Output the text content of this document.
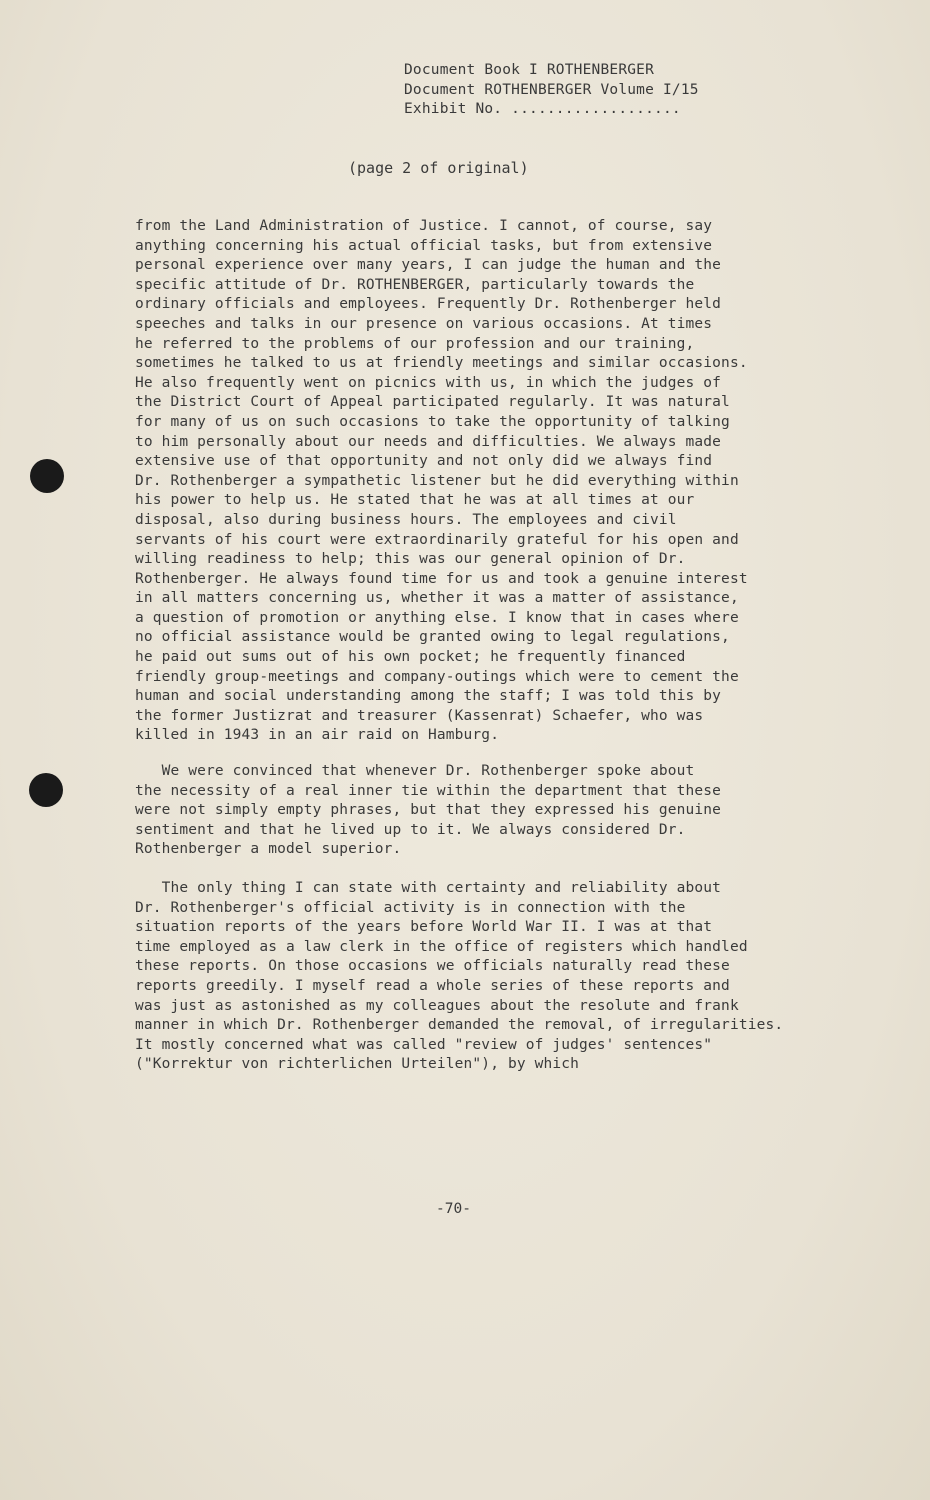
Document Book I ROTHENBERGER
Document ROTHENBERGER Volume I/15
Exhibit No. ...................
(page 2 of original)
from the Land Administration of Justice. I cannot, of course, say
anything concerning his actual official tasks, but from extensive
personal experience over many years, I can judge the human and the
specific attitude of Dr. ROTHENBERGER, particularly towards the
ordinary officials and employees. Frequently Dr. Rothenberger held
speeches and talks in our presence on various occasions. At times
he referred to the problems of our profession and our training,
sometimes he talked to us at friendly meetings and similar occasions.
He also frequently went on picnics with us, in which the judges of
the District Court of Appeal participated regularly. It was natural
for many of us on such occasions to take the opportunity of talking
to him personally about our needs and difficulties. We always made
extensive use of that opportunity and not only did we always find
Dr. Rothenberger a sympathetic listener but he did everything within
his power to help us. He stated that he was at all times at our
disposal, also during business hours. The employees and civil
servants of his court were extraordinarily grateful for his open and
willing readiness to help; this was our general opinion of Dr.
Rothenberger. He always found time for us and took a genuine interest
in all matters concerning us, whether it was a matter of assistance,
a question of promotion or anything else. I know that in cases where
no official assistance would be granted owing to legal regulations,
he paid out sums out of his own pocket; he frequently financed
friendly group-meetings and company-outings which were to cement the
human and social understanding among the staff; I was told this by
the former Justizrat and treasurer (Kassenrat) Schaefer, who was
killed in 1943 in an air raid on Hamburg.
We were convinced that whenever Dr. Rothenberger spoke about
the necessity of a real inner tie within the department that these
were not simply empty phrases, but that they expressed his genuine
sentiment and that he lived up to it. We always considered Dr.
Rothenberger a model superior.
The only thing I can state with certainty and reliability about
Dr. Rothenberger's official activity is in connection with the
situation reports of the years before World War II. I was at that
time employed as a law clerk in the office of registers which handled
these reports. On those occasions we officials naturally read these
reports greedily. I myself read a whole series of these reports and
was just as astonished as my colleagues about the resolute and frank
manner in which Dr. Rothenberger demanded the removal, of irregularities.
It mostly concerned what was called "review of judges' sentences"
("Korrektur von richterlichen Urteilen"), by which
-70-
